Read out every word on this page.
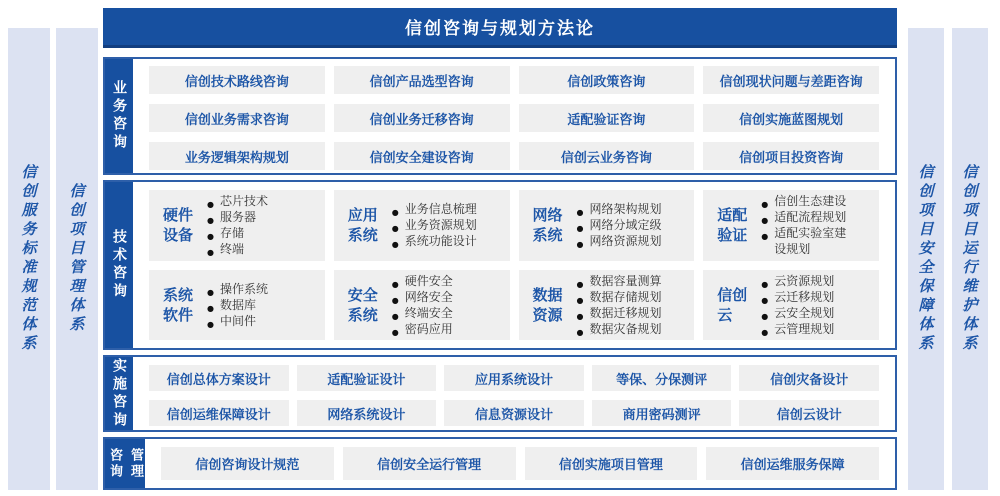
信创服务标准规范体系 信创项目管理体系	信创项目安全保障体系 信创项目运行维护体系
信创咨询与规划方法论
业务咨询	信创技术路线咨询	信创产品选型咨询	信创政策咨询	信创现状问题与差距咨询
信创业务需求咨询	信创业务迁移咨询	适配验证咨询	信创实施蓝图规划
业务逻辑架构规划	信创安全建设咨询	信创云业务咨询	信创项目投资咨询
技术咨询
硬件设备
● 芯片技术
● 服务器
● 存储
● 终端
应用系统
● 业务信息梳理
● 业务资源规划
● 系统功能设计
网络系统
● 网络架构规划
● 网络分域定级
● 网络资源规划
适配验证
● 信创生态建设
● 适配流程规划
● 适配实验室建设规划
系统软件
● 操作系统
● 数据库
● 中间件
安全系统
● 硬件安全
● 网络安全
● 终端安全
● 密码应用
数据资源
● 数据容量测算
● 数据存储规划
● 数据迁移规划
● 数据灾备规划
信创云
● 云资源规划
● 云迁移规划
● 云安全规划
● 云管理规划
实施咨询	信创总体方案设计	适配验证设计	应用系统设计	等保、分保测评	信创灾备设计
信创运维保障设计	网络系统设计	信息资源设计	商用密码测评	信创云设计
咨询 管理	信创咨询设计规范	信创安全运行管理	信创实施项目管理	信创运维服务保障
